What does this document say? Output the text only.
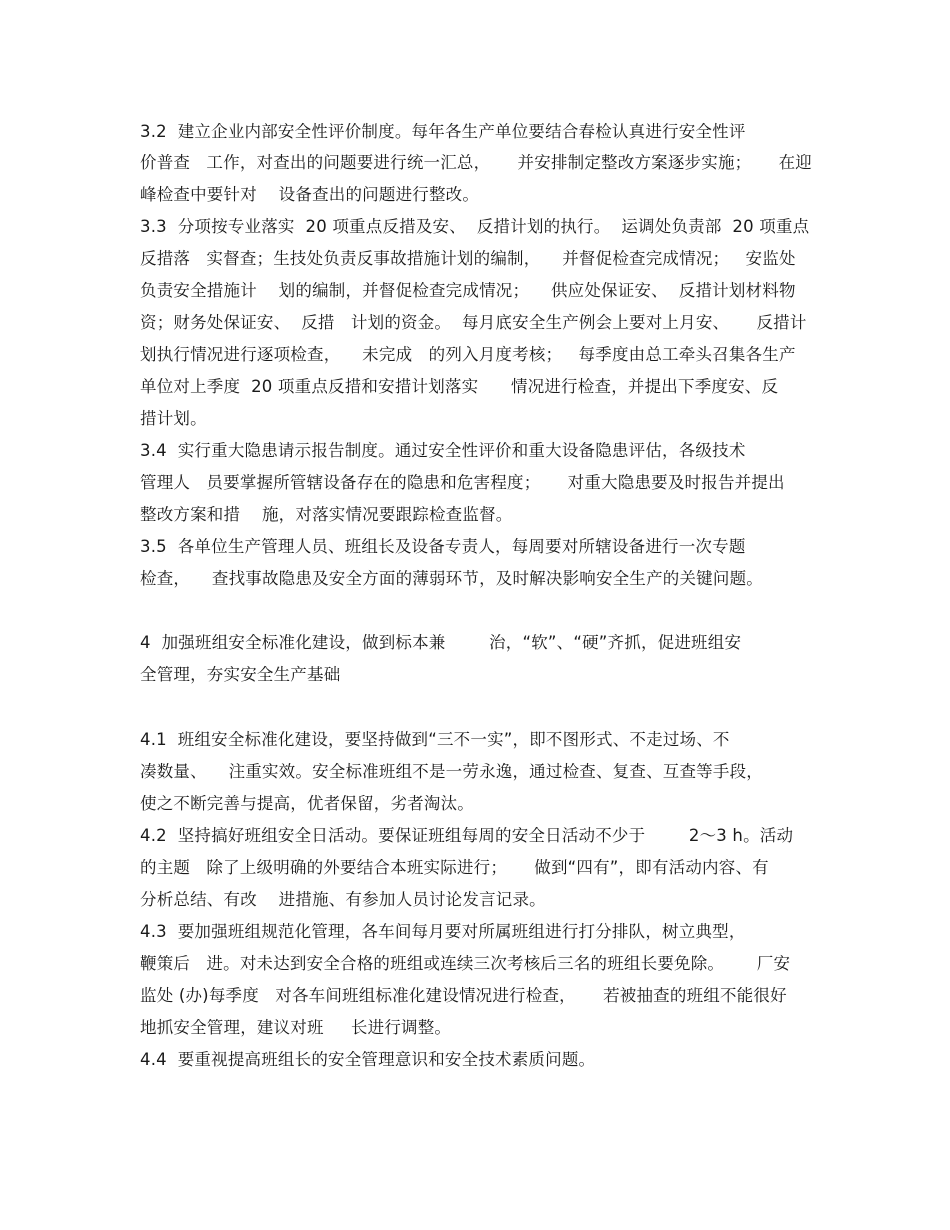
3.2  建立企业内部安全性评价制度。每年各生产单位要结合春检认真进行安全性评
价普查   工作，对查出的问题要进行统一汇总，     并安排制定整改方案逐步实施；     在迎
峰检查中要针对    设备查出的问题进行整改。
3.3  分项按专业落实  20 项重点反措及安、  反措计划的执行。  运调处负责部  20 项重点
反措落   实督查；生技处负责反事故措施计划的编制，    并督促检查完成情况；   安监处
负责安全措施计    划的编制，并督促检查完成情况；    供应处保证安、  反措计划材料物
资；财务处保证安、  反措   计划的资金。  每月底安全生产例会上要对上月安、     反措计
划执行情况进行逐项检查，    未完成   的列入月度考核；   每季度由总工牵头召集各生产
单位对上季度  20 项重点反措和安措计划落实      情况进行检查，并提出下季度安、反
措计划。
3.4  实行重大隐患请示报告制度。通过安全性评价和重大设备隐患评估，各级技术
管理人   员要掌握所管辖设备存在的隐患和危害程度；     对重大隐患要及时报告并提出
整改方案和措    施，对落实情况要跟踪检查监督。
3.5  各单位生产管理人员、班组长及设备专责人，每周要对所辖设备进行一次专题
检查，    查找事故隐患及安全方面的薄弱环节，及时解决影响安全生产的关键问题。
4  加强班组安全标准化建设，做到标本兼        治，“软”、“硬”齐抓，促进班组安
全管理，夯实安全生产基础
4.1  班组安全标准化建设，要坚持做到“三不一实”，即不图形式、不走过场、不
凑数量、    注重实效。安全标准班组不是一劳永逸，通过检查、复查、互查等手段，
使之不断完善与提高，优者保留，劣者淘汰。
4.2  坚持搞好班组安全日活动。要保证班组每周的安全日活动不少于        2～3 h。活动
的主题   除了上级明确的外要结合本班实际进行；     做到“四有”，即有活动内容、有
分析总结、有改    进措施、有参加人员讨论发言记录。
4.3  要加强班组规范化管理，各车间每月要对所属班组进行打分排队，树立典型，
鞭策后   进。对未达到安全合格的班组或连续三次考核后三名的班组长要免除。      厂安
监处 (办)每季度   对各车间班组标准化建设情况进行检查，     若被抽查的班组不能很好
地抓安全管理，建议对班     长进行调整。
4.4  要重视提高班组长的安全管理意识和安全技术素质问题。
